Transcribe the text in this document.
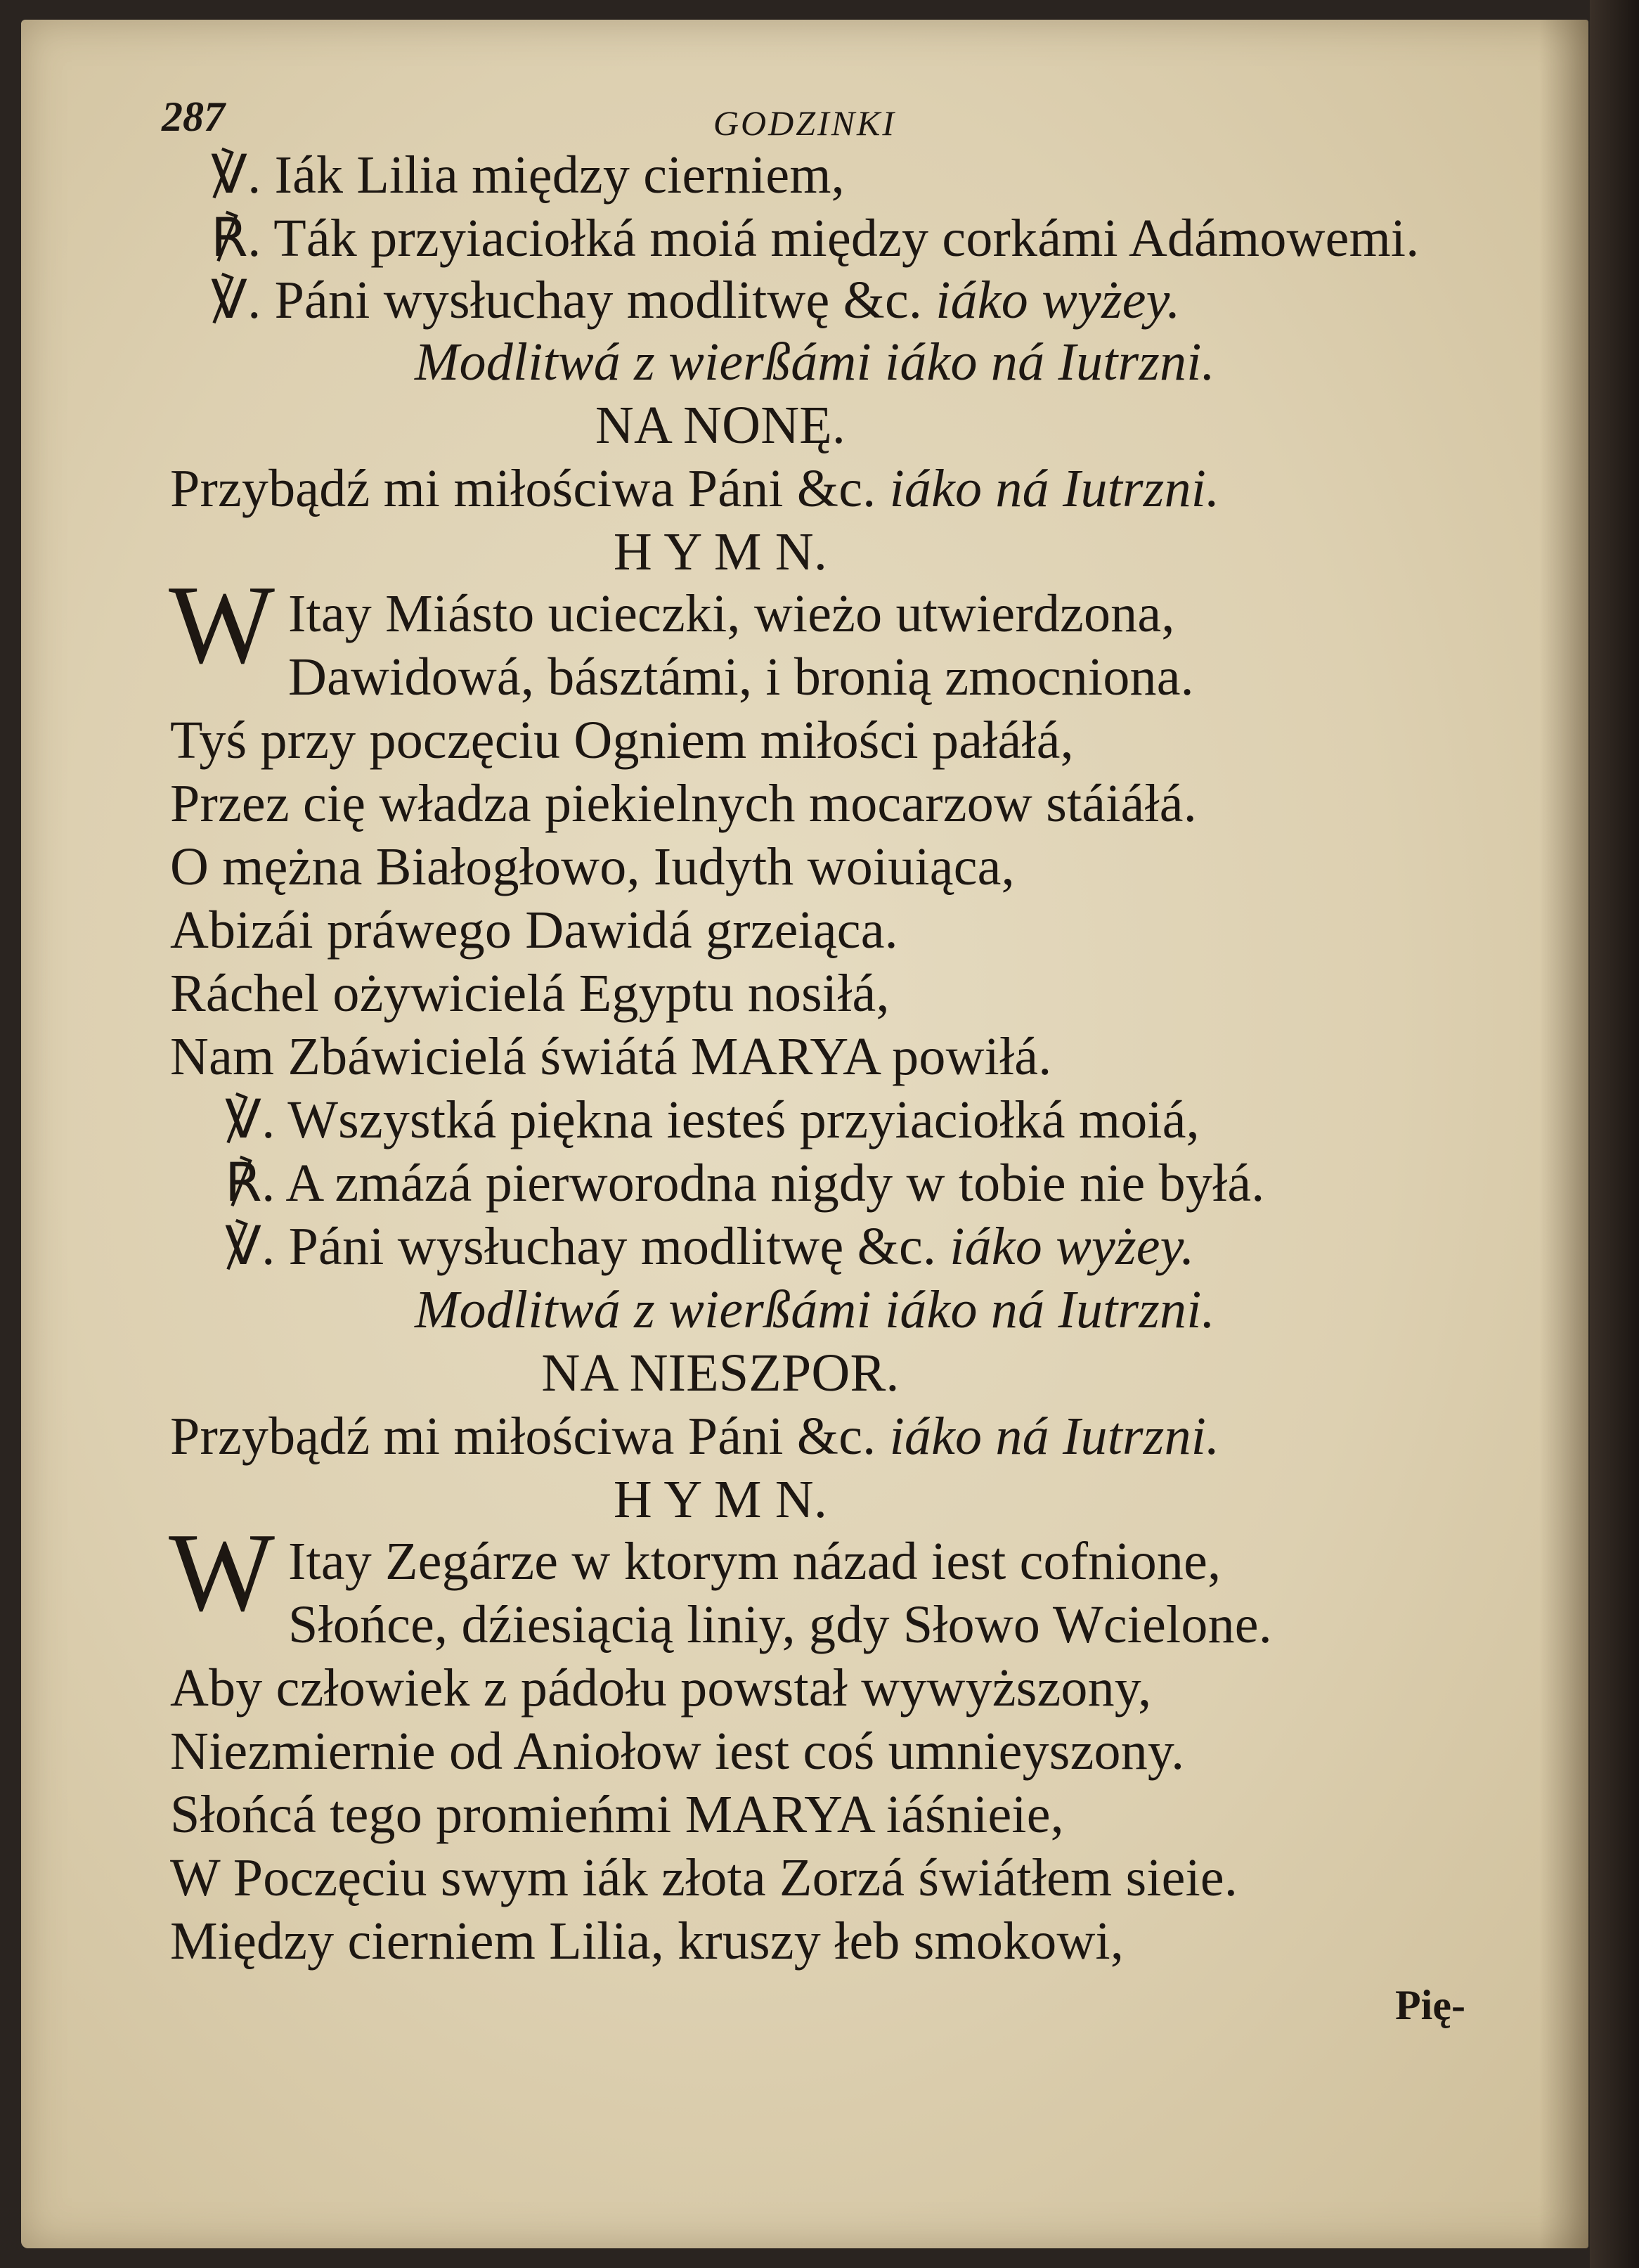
287	GODZINKI
℣. Iák Lilia między cierniem,
℟. Ták przyiaciołká moiá między corkámi Adámowemi.
℣. Páni wysłuchay modlitwę &c. iáko wyżey.
Modlitwá z wierßámi iáko ná Iutrzni.
NA NONĘ.
Przybądź mi miłościwa Páni &c. iáko ná Iutrzni.
H Y M N.
W Itay Miásto ucieczki, wieżo utwierdzona,
Dawidowá, básztámi, i bronią zmocniona.
Tyś przy poczęciu Ogniem miłości pałáłá,
Przez cię władza piekielnych mocarzow stáiáłá.
O mężna Białogłowo, Iudyth woiuiąca,
Abizái práwego Dawidá grzeiąca.
Ráchel ożywicielá Egyptu nosiłá,
Nam Zbáwicielá świátá MARYA powiłá.
℣. Wszystká piękna iesteś przyiaciołká moiá,
℟. A zmázá pierworodna nigdy w tobie nie byłá.
℣. Páni wysłuchay modlitwę &c. iáko wyżey.
Modlitwá z wierßámi iáko ná Iutrzni.
NA NIESZPOR.
Przybądź mi miłościwa Páni &c. iáko ná Iutrzni.
H Y M N.
W Itay Zegárze w ktorym názad iest cofnione,
Słońce, dźiesiącią liniy, gdy Słowo Wcielone.
Aby człowiek z pádołu powstał wywyższony,
Niezmiernie od Aniołow iest coś umnieyszony.
Słońcá tego promieńmi MARYA iáśnieie,
W Poczęciu swym iák złota Zorzá świátłem sieie.
Między cierniem Lilia, kruszy łeb smokowi,
Pię-
